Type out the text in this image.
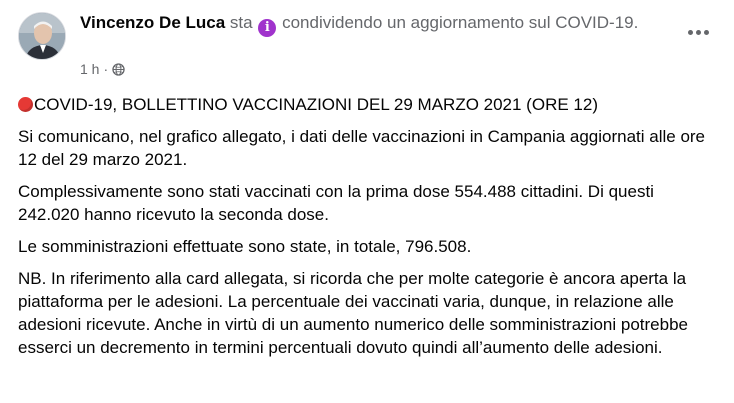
Vincenzo De Luca sta i condividendo un aggiornamento sul COVID-19.
1 h ·

COVID-19, BOLLETTINO VACCINAZIONI DEL 29 MARZO 2021 (ORE 12)

Si comunicano, nel grafico allegato, i dati delle vaccinazioni in Campania aggiornati alle ore 12 del 29 marzo 2021.

Complessivamente sono stati vaccinati con la prima dose 554.488 cittadini. Di questi 242.020 hanno ricevuto la seconda dose.

Le somministrazioni effettuate sono state, in totale, 796.508.

NB. In riferimento alla card allegata, si ricorda che per molte categorie è ancora aperta la piattaforma per le adesioni. La percentuale dei vaccinati varia, dunque, in relazione alle adesioni ricevute. Anche in virtù di un aumento numerico delle somministrazioni potrebbe esserci un decremento in termini percentuali dovuto quindi all’aumento delle adesioni.
